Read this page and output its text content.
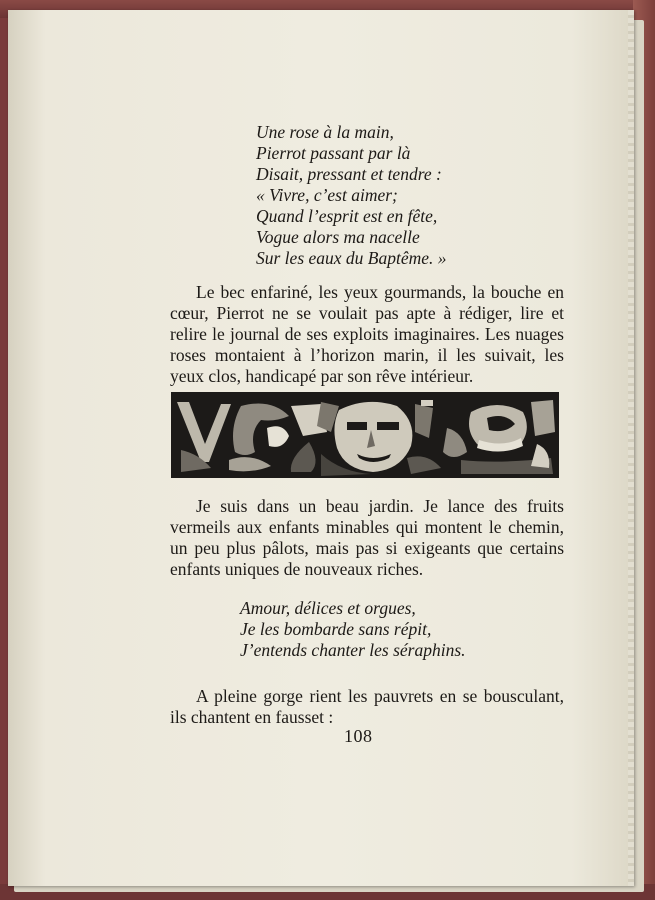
Une rose à la main,
Pierrot passant par là
Disait, pressant et tendre :
« Vivre, c’est aimer;
Quand l’esprit est en fête,
Vogue alors ma nacelle
Sur les eaux du Baptême. »

Le bec enfariné, les yeux gourmands, la bouche en cœur, Pierrot ne se voulait pas apte à rédiger, lire et relire le journal de ses exploits imaginaires. Les nuages roses montaient à l’horizon marin, il les suivait, les yeux clos, handicapé par son rêve intérieur.

Je suis dans un beau jardin. Je lance des fruits vermeils aux enfants minables qui montent le chemin, un peu plus pâlots, mais pas si exigeants que certains enfants uniques de nouveaux riches.

Amour, délices et orgues,
Je les bombarde sans répit,
J’entends chanter les séraphins.

A pleine gorge rient les pauvrets en se bousculant, ils chantent en fausset :

108
